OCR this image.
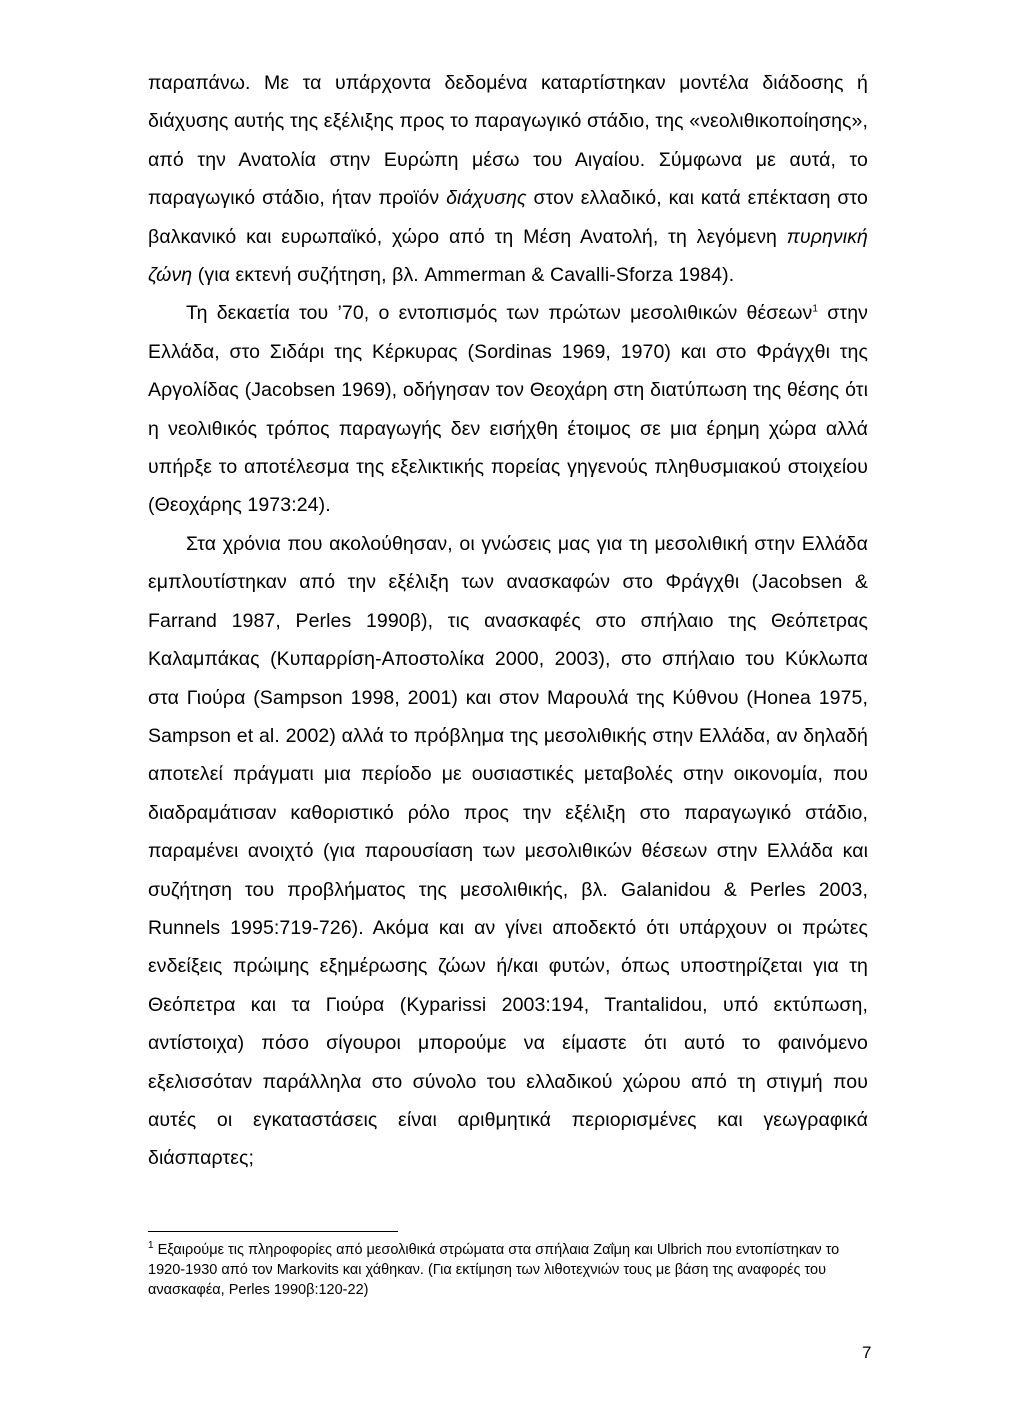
παραπάνω. Με τα υπάρχοντα δεδομένα καταρτίστηκαν μοντέλα διάδοσης ή διάχυσης αυτής της εξέλιξης προς το παραγωγικό στάδιο, της «νεολιθικοποίησης», από την Ανατολία στην Ευρώπη μέσω του Αιγαίου. Σύμφωνα με αυτά, το παραγωγικό στάδιο, ήταν προϊόν διάχυσης στον ελλαδικό, και κατά επέκταση στο βαλκανικό και ευρωπαϊκό, χώρο από τη Μέση Ανατολή, τη λεγόμενη πυρηνική ζώνη (για εκτενή συζήτηση, βλ. Ammerman & Cavalli-Sforza 1984).

Τη δεκαετία του ’70, ο εντοπισμός των πρώτων μεσολιθικών θέσεων$^1$ στην Ελλάδα, στο Σιδάρι της Κέρκυρας (Sordinas 1969, 1970) και στο Φράγχθι της Αργολίδας (Jacobsen 1969), οδήγησαν τον Θεοχάρη στη διατύπωση της θέσης ότι η νεολιθικός τρόπος παραγωγής δεν εισήχθη έτοιμος σε μια έρημη χώρα αλλά υπήρξε το αποτέλεσμα της εξελικτικής πορείας γηγενούς πληθυσμιακού στοιχείου (Θεοχάρης 1973:24).

Στα χρόνια που ακολούθησαν, οι γνώσεις μας για τη μεσολιθική στην Ελλάδα εμπλουτίστηκαν από την εξέλιξη των ανασκαφών στο Φράγχθι (Jacobsen & Farrand 1987, Perles 1990β), τις ανασκαφές στο σπήλαιο της Θεόπετρας Καλαμπάκας (Κυπαρρίση-Αποστολίκα 2000, 2003), στο σπήλαιο του Κύκλωπα στα Γιούρα (Sampson 1998, 2001) και στον Μαρουλά της Κύθνου (Honea 1975, Sampson et al. 2002) αλλά το πρόβλημα της μεσολιθικής στην Ελλάδα, αν δηλαδή αποτελεί πράγματι μια περίοδο με ουσιαστικές μεταβολές στην οικονομία, που διαδραμάτισαν καθοριστικό ρόλο προς την εξέλιξη στο παραγωγικό στάδιο, παραμένει ανοιχτό (για παρουσίαση των μεσολιθικών θέσεων στην Ελλάδα και συζήτηση του προβλήματος της μεσολιθικής, βλ. Galanidou & Perles 2003, Runnels 1995:719-726). Ακόμα και αν γίνει αποδεκτό ότι υπάρχουν οι πρώτες ενδείξεις πρώιμης εξημέρωσης ζώων ή/και φυτών, όπως υποστηρίζεται για τη Θεόπετρα και τα Γιούρα (Kyparissi 2003:194, Trantalidou, υπό εκτύπωση, αντίστοιχα) πόσο σίγουροι μπορούμε να είμαστε ότι αυτό το φαινόμενο εξελισσόταν παράλληλα στο σύνολο του ελλαδικού χώρου από τη στιγμή που αυτές οι εγκαταστάσεις είναι αριθμητικά περιορισμένες και γεωγραφικά διάσπαρτες;

$^1$ Εξαιρούμε τις πληροφορίες από μεσολιθικά στρώματα στα σπήλαια Ζαΐμη και Ulbrich που εντοπίστηκαν το 1920-1930 από τον Markovits και χάθηκαν. (Για εκτίμηση των λιθοτεχνιών τους με βάση της αναφορές του ανασκαφέα, Perles 1990β:120-22)
7
